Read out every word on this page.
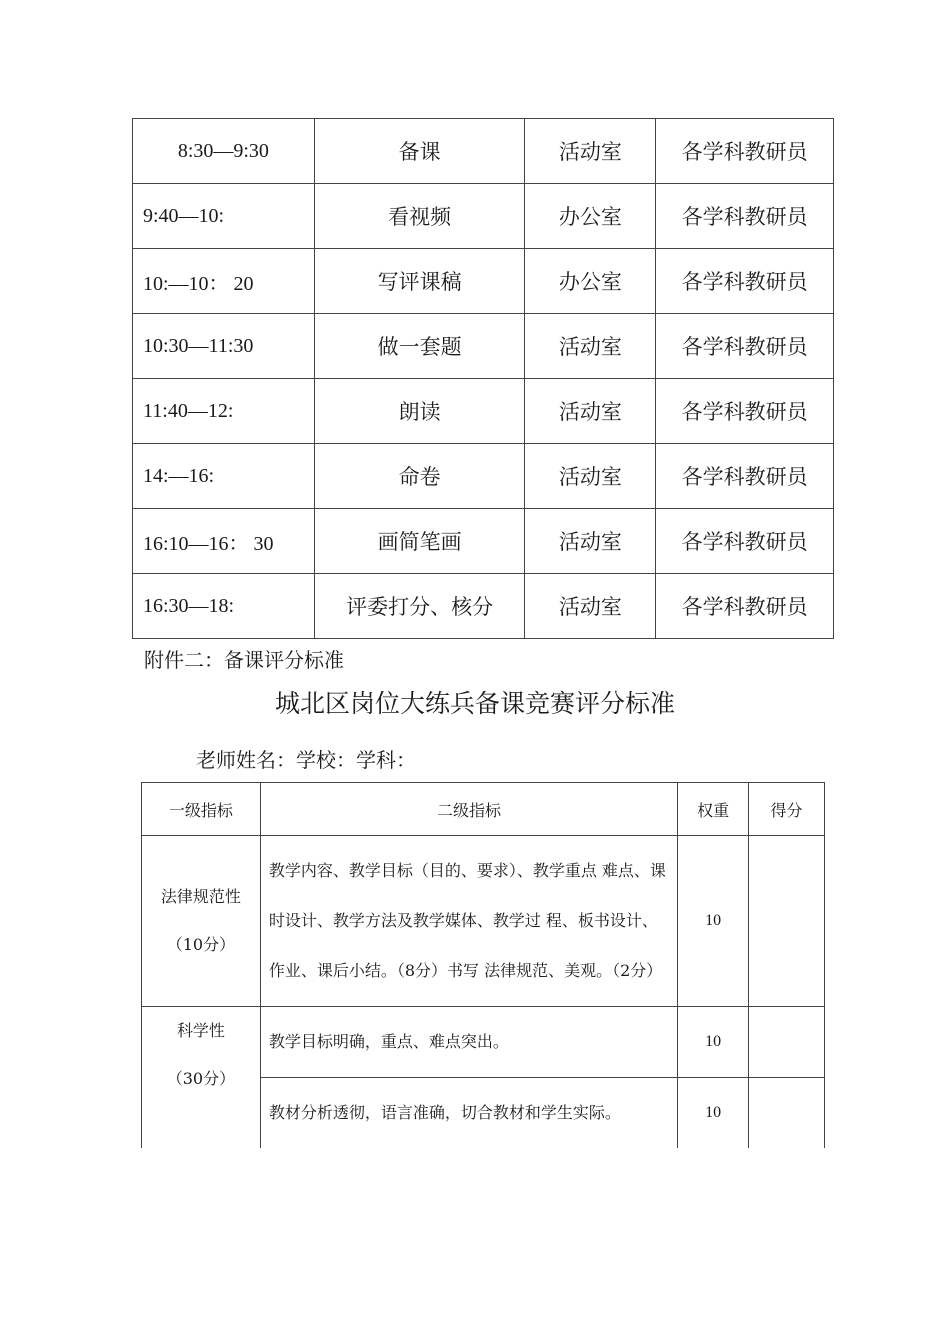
8:30—9:30	备课	活动室	各学科教研员
9:40—10:	看视频	办公室	各学科教研员
10:—10： 20	写评课稿	办公室	各学科教研员
10:30—11:30	做一套题	活动室	各学科教研员
11:40—12:	朗读	活动室	各学科教研员
14:—16:	命卷	活动室	各学科教研员
16:10—16： 30	画简笔画	活动室	各学科教研员
16:30—18:	评委打分、核分	活动室	各学科教研员
附件二：备课评分标准
城北区岗位大练兵备课竞赛评分标准
老师姓名：学校：学科：
一级指标	二级指标	权重	得分

法律规范性
（10分）	教学内容、教学目标（目的、要求）、教学重点 难点、课时设计、教学方法及教学媒体、教学过 程、板书设计、作业、课后小结。（8分）书写 法律规范、美观。（2分）	10	

科学性
（30分）	教学目标明确，重点、难点突出。	10	
	教材分析透彻，语言准确，切合教材和学生实际。	10	
